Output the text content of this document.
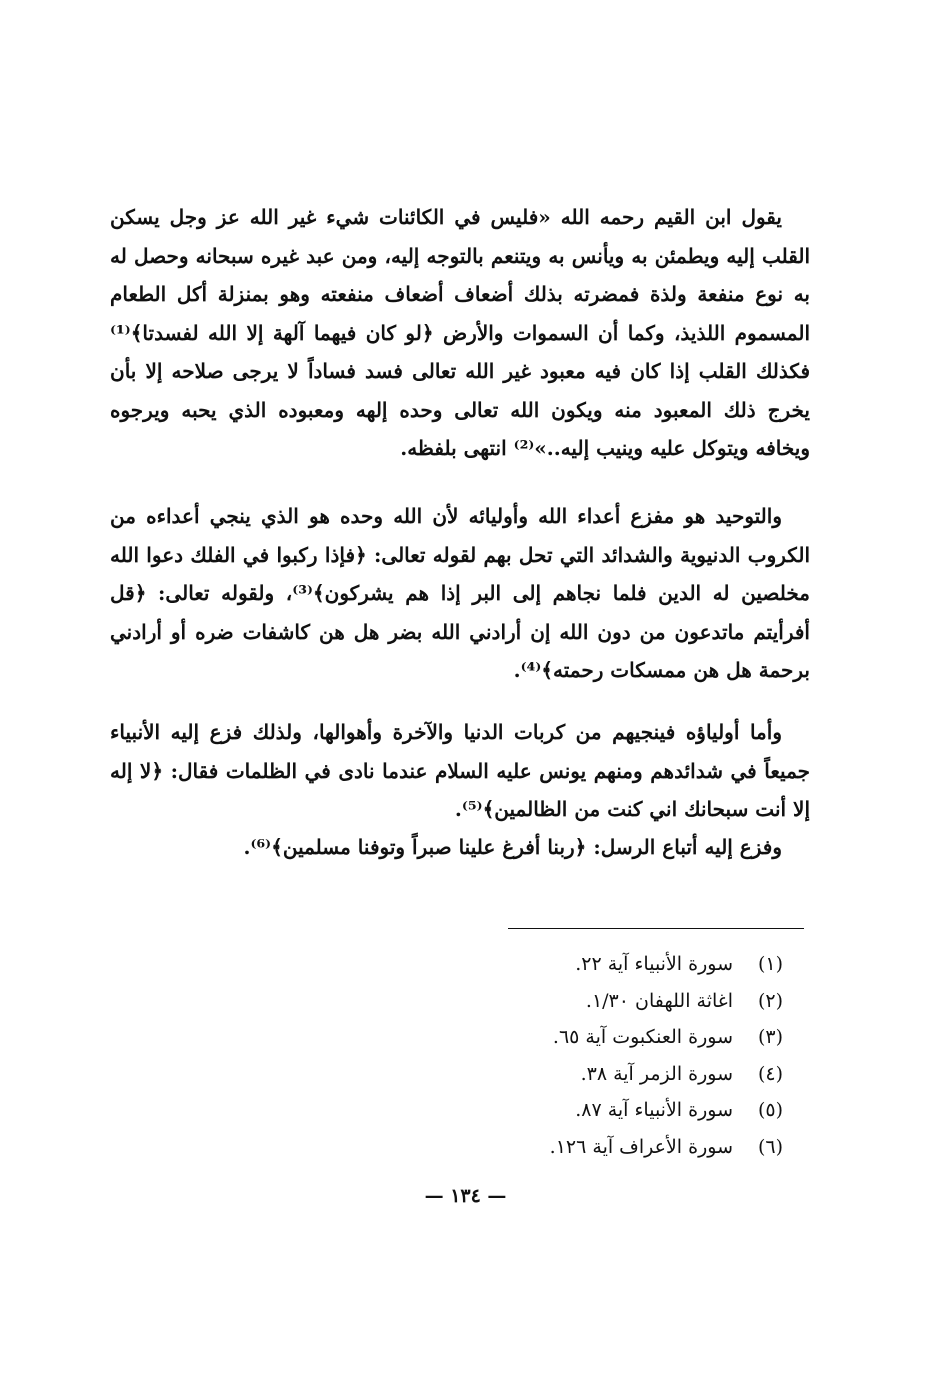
يقول ابن القيم رحمه الله «فليس في الكائنات شيء غير الله عز وجل يسكن القلب إليه ويطمئن به ويأنس به ويتنعم بالتوجه إليه، ومن عبد غيره سبحانه وحصل له به نوع منفعة ولذة فمضرته بذلك أضعاف أضعاف منفعته وهو بمنزلة أكل الطعام المسموم اللذيذ، وكما أن السموات والأرض ﴿لو كان فيهما آلهة إلا الله لفسدتا﴾⁽¹⁾ فكذلك القلب إذا كان فيه معبود غير الله تعالى فسد فساداً لا يرجى صلاحه إلا بأن يخرج ذلك المعبود منه ويكون الله تعالى وحده إلهه ومعبوده الذي يحبه ويرجوه ويخافه ويتوكل عليه وينيب إليه..»⁽²⁾ انتهى بلفظه.

والتوحيد هو مفزع أعداء الله وأوليائه لأن الله وحده هو الذي ينجي أعداءه من الكروب الدنيوية والشدائد التي تحل بهم لقوله تعالى: ﴿فإذا ركبوا في الفلك دعوا الله مخلصين له الدين فلما نجاهم إلى البر إذا هم يشركون﴾⁽³⁾، ولقوله تعالى: ﴿قل أفرأيتم ماتدعون من دون الله إن أرادني الله بضر هل هن كاشفات ضره أو أرادني برحمة هل هن ممسكات رحمته﴾⁽⁴⁾.

وأما أولياؤه فينجيهم من كربات الدنيا والآخرة وأهوالها، ولذلك فزع إليه الأنبياء جميعاً في شدائدهم ومنهم يونس عليه السلام عندما نادى في الظلمات فقال: ﴿لا إله إلا أنت سبحانك اني كنت من الظالمين﴾⁽⁵⁾.

وفزع إليه أتباع الرسل: ﴿ربنا أفرغ علينا صبراً وتوفنا مسلمين﴾⁽⁶⁾.

(١)
سورة الأنبياء آية ٢٢.
(٢)
اغاثة اللهفان ١/٣٠.
(٣)
سورة العنكبوت آية ٦٥.
(٤)
سورة الزمر آية ٣٨.
(٥)
سورة الأنبياء آية ٨٧.
(٦)
سورة الأعراف آية ١٢٦.
— ١٣٤ —
